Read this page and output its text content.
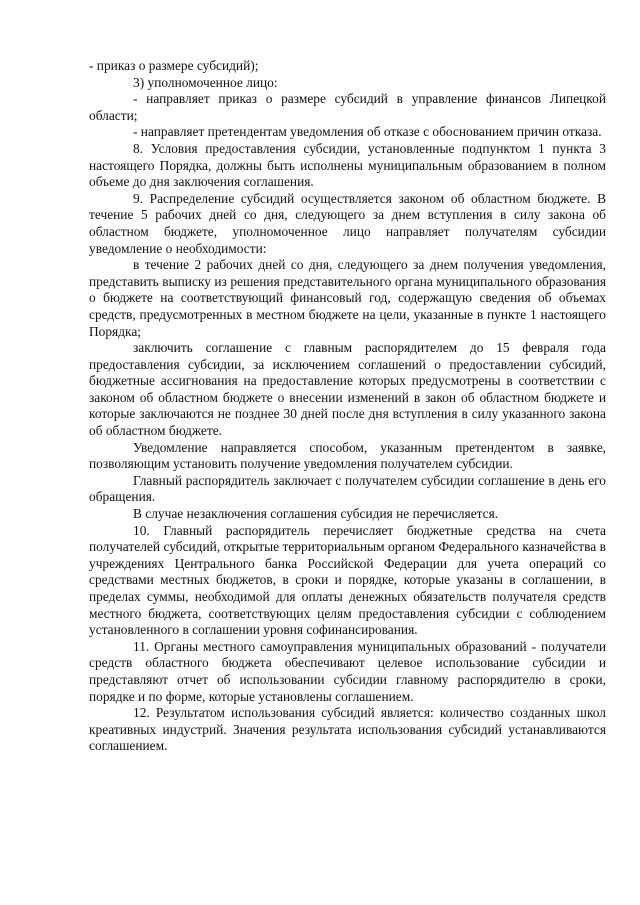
- приказ о размере субсидий);

3) уполномоченное лицо:

- направляет приказ о размере субсидий в управление финансов Липецкой области;

- направляет претендентам уведомления об отказе с обоснованием причин отказа.

8. Условия предоставления субсидии, установленные подпунктом 1 пункта 3 настоящего Порядка, должны быть исполнены муниципальным образованием в полном объеме до дня заключения соглашения.

9. Распределение субсидий осуществляется законом об областном бюджете. В течение 5 рабочих дней со дня, следующего за днем вступления в силу закона об областном бюджете, уполномоченное лицо направляет получателям субсидии уведомление о необходимости:

в течение 2 рабочих дней со дня, следующего за днем получения уведомления, представить выписку из решения представительного органа муниципального образования о бюджете на соответствующий финансовый год, содержащую сведения об объемах средств, предусмотренных в местном бюджете на цели, указанные в пункте 1 настоящего Порядка;

заключить соглашение с главным распорядителем до 15 февраля года предоставления субсидии, за исключением соглашений о предоставлении субсидий, бюджетные ассигнования на предоставление которых предусмотрены в соответствии с законом об областном бюджете о внесении изменений в закон об областном бюджете и которые заключаются не позднее 30 дней после дня вступления в силу указанного закона об областном бюджете.

Уведомление направляется способом, указанным претендентом в заявке, позволяющим установить получение уведомления получателем субсидии.

Главный распорядитель заключает с получателем субсидии соглашение в день его обращения.

В случае незаключения соглашения субсидия не перечисляется.

10. Главный распорядитель перечисляет бюджетные средства на счета получателей субсидий, открытые территориальным органом Федерального казначейства в учреждениях Центрального банка Российской Федерации для учета операций со средствами местных бюджетов, в сроки и порядке, которые указаны в соглашении, в пределах суммы, необходимой для оплаты денежных обязательств получателя средств местного бюджета, соответствующих целям предоставления субсидии с соблюдением установленного в соглашении уровня софинансирования.

11. Органы местного самоуправления муниципальных образований - получатели средств областного бюджета обеспечивают целевое использование субсидии и представляют отчет об использовании субсидии главному распорядителю в сроки, порядке и по форме, которые установлены соглашением.

12. Результатом использования субсидий является: количество созданных школ креативных индустрий. Значения результата использования субсидий устанавливаются соглашением.
